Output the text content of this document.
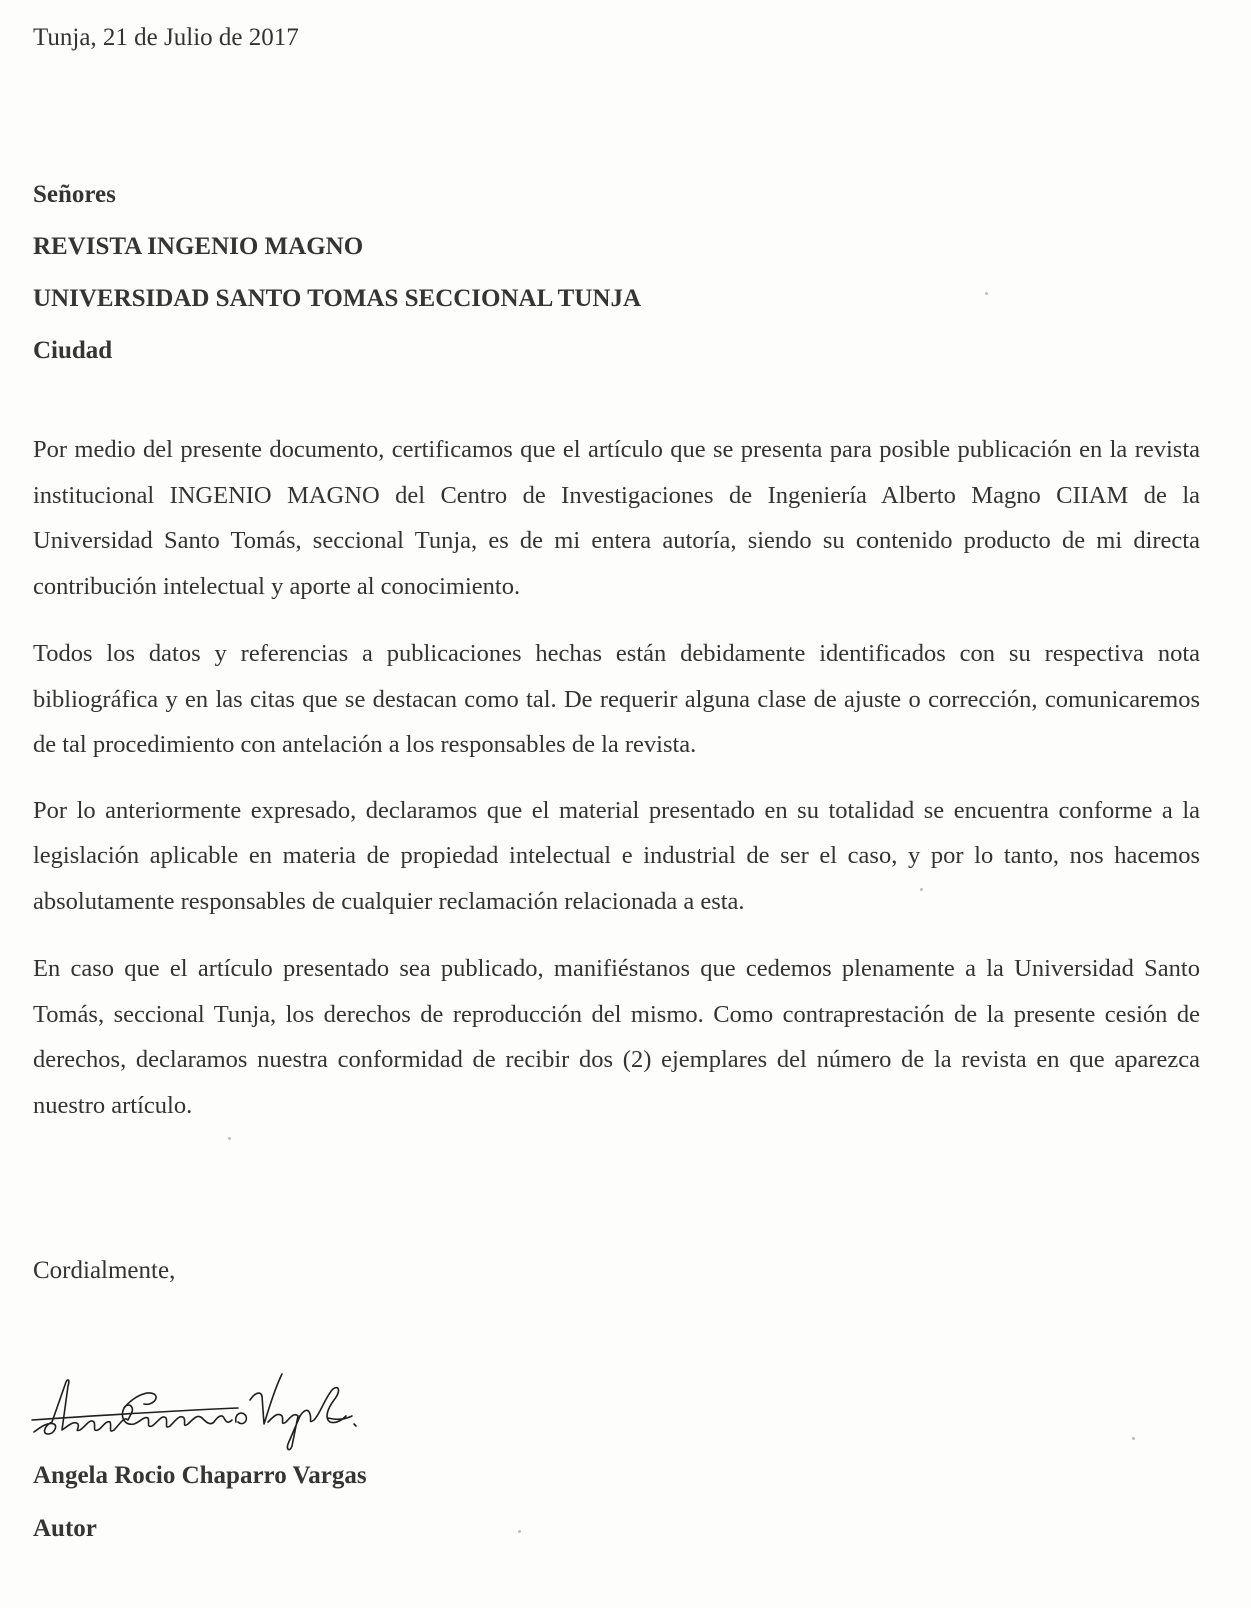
Tunja, 21 de Julio de 2017
Señores
REVISTA INGENIO MAGNO
UNIVERSIDAD SANTO TOMAS SECCIONAL TUNJA
Ciudad

Por medio del presente documento, certificamos que el artículo que se presenta para posible publicación en la revista institucional INGENIO MAGNO del Centro de Investigaciones de Ingeniería Alberto Magno CIIAM de la Universidad Santo Tomás, seccional Tunja, es de mi entera autoría, siendo su contenido producto de mi directa contribución intelectual y aporte al conocimiento.

Todos los datos y referencias a publicaciones hechas están debidamente identificados con su respectiva nota bibliográfica y en las citas que se destacan como tal. De requerir alguna clase de ajuste o corrección, comunicaremos de tal procedimiento con antelación a los responsables de la revista.

Por lo anteriormente expresado, declaramos que el material presentado en su totalidad se encuentra conforme a la legislación aplicable en materia de propiedad intelectual e industrial de ser el caso, y por lo tanto, nos hacemos absolutamente responsables de cualquier reclamación relacionada a esta.

En caso que el artículo presentado sea publicado, manifiéstanos que cedemos plenamente a la Universidad Santo Tomás, seccional Tunja, los derechos de reproducción del mismo. Como contraprestación de la presente cesión de derechos, declaramos nuestra conformidad de recibir dos (2) ejemplares del número de la revista en que aparezca nuestro artículo.

Cordialmente,
Angela Rocio Chaparro Vargas
Autor
